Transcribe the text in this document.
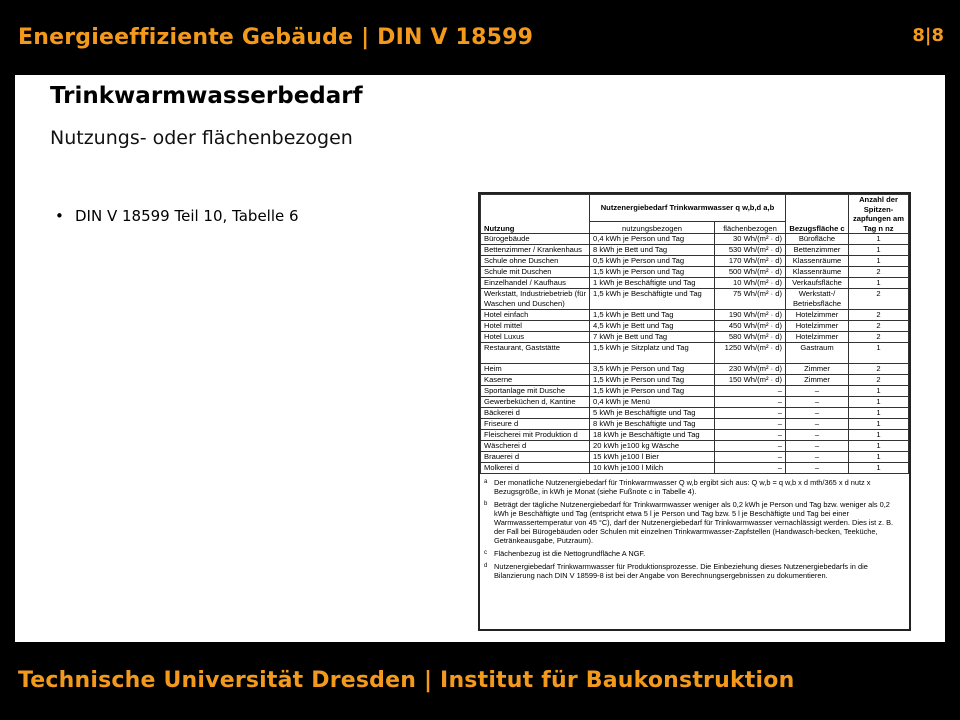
Energieeffiziente Gebäude | DIN V 18599	8|8
Trinkwarmwasserbedarf
Nutzungs- oder flächenbezogen
• DIN V 18599 Teil 10, Tabelle 6
Nutzung	Nutzenergiebedarf Trinkwarmwasser q w,b,d a,b		Bezugsfläche c	Anzahl der Spitzen-zapfungen am Tag n nz
	nutzungsbezogen	flächenbezogen		
Bürogebäude	0,4 kWh je Person und Tag	30 Wh/(m² · d)	Bürofläche	1
Bettenzimmer / Krankenhaus	8 kWh je Bett und Tag	530 Wh/(m² · d)	Bettenzimmer	1
Schule ohne Duschen	0,5 kWh je Person und Tag	170 Wh/(m² · d)	Klassenräume	1
Schule mit Duschen	1,5 kWh je Person und Tag	500 Wh/(m² · d)	Klassenräume	2
Einzelhandel / Kaufhaus	1 kWh je Beschäftigte und Tag	10 Wh/(m² · d)	Verkaufsfläche	1
Werkstatt, Industriebetrieb (für Waschen und Duschen)	1,5 kWh je Beschäftigte und Tag	75 Wh/(m² · d)	Werkstatt-/ Betriebsfläche	2
Hotel einfach	1,5 kWh je Bett und Tag	190 Wh/(m² · d)	Hotelzimmer	2
Hotel mittel	4,5 kWh je Bett und Tag	450 Wh/(m² · d)	Hotelzimmer	2
Hotel Luxus	7 kWh je Bett und Tag	580 Wh/(m² · d)	Hotelzimmer	2
Restaurant, Gaststätte	1,5 kWh je Sitzplatz und Tag	1250 Wh/(m² · d)	Gastraum	1
Heim	3,5 kWh je Person und Tag	230 Wh/(m² · d)	Zimmer	2
Kaserne	1,5 kWh je Person und Tag	150 Wh/(m² · d)	Zimmer	2
Sportanlage mit Dusche	1,5 kWh je Person und Tag	–	–	1
Gewerbeküchen d, Kantine	0,4 kWh je Menü	–	–	1
Bäckerei d	5 kWh je Beschäftigte und Tag	–	–	1
Friseure d	8 kWh je Beschäftigte und Tag	–	–	1
Fleischerei mit Produktion d	18 kWh je Beschäftigte und Tag	–	–	1
Wäscherei d	20 kWh je100 kg Wäsche	–	–	1
Brauerei d	15 kWh je100 l Bier	–	–	1
Molkerei d	10 kWh je100 l Milch	–	–	1
a Der monatliche Nutzenergiebedarf für Trinkwarmwasser Q w,b ergibt sich aus: Q w,b = q w,b x d mth/365 x d nutz x Bezugsgröße, in kWh je Monat (siehe Fußnote c in Tabelle 4).
b Beträgt der tägliche Nutzenergiebedarf für Trinkwarmwasser weniger als 0,2 kWh je Person und Tag bzw. weniger als 0,2 kWh je Beschäftigte und Tag (entspricht etwa 5 l je Person und Tag bzw. 5 l je Beschäftigte und Tag bei einer Warmwassertemperatur von 45 °C), darf der Nutzenergiebedarf für Trinkwarmwasser vernachlässigt werden. Dies ist z. B. der Fall bei Bürogebäuden oder Schulen mit einzelnen Trinkwarmwasser-Zapfstellen (Handwasch-becken, Teeküche, Getränkeausgabe, Putzraum).
c Flächenbezug ist die Nettogrundfläche A NGF.
d Nutzenergiebedarf Trinkwarmwasser für Produktionsprozesse. Die Einbeziehung dieses Nutzenergiebedarfs in die Bilanzierung nach DIN V 18599-8 ist bei der Angabe von Berechnungsergebnissen zu dokumentieren.
Technische Universität Dresden | Institut für Baukonstruktion
